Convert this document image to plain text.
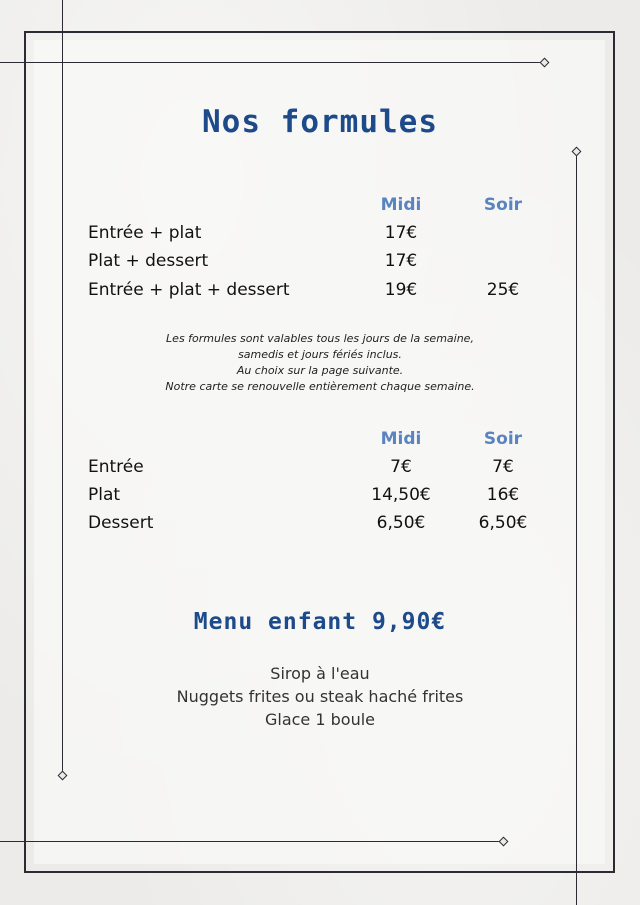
Nos formules
Midi	Soir
Entrée + plat	17€
Plat + dessert	17€
Entrée + plat + dessert	19€	25€
Les formules sont valables tous les jours de la semaine,
samedis et jours fériés inclus.
Au choix sur la page suivante.
Notre carte se renouvelle entièrement chaque semaine.
Midi	Soir
Entrée	7€	7€
Plat	14,50€	16€
Dessert	6,50€	6,50€
Menu enfant 9,90€
Sirop à l'eau
Nuggets frites ou steak haché frites
Glace 1 boule
